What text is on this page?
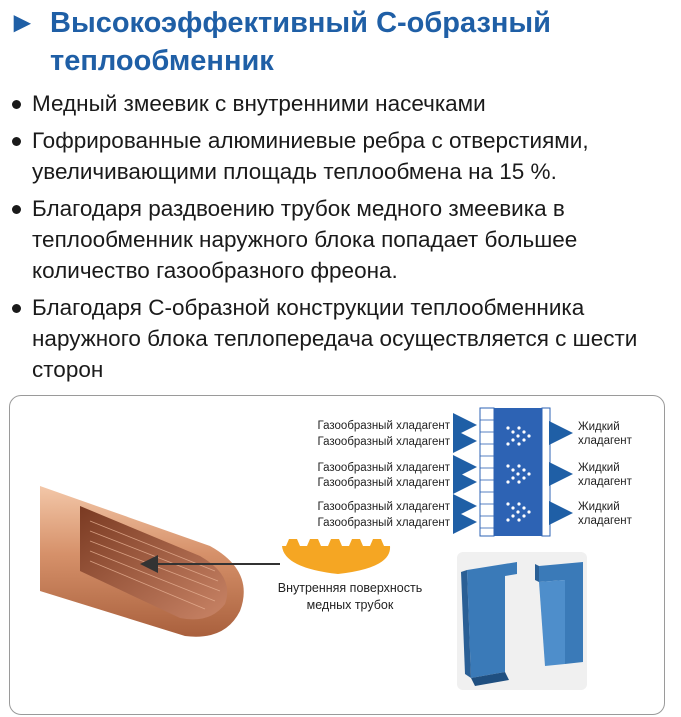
► Высокоэффективный С-образный
теплообменник
Медный змеевик с внутренними насечками
Гофрированные алюминиевые ребра с отверстиями, увеличивающими площадь теплообмена на 15 %.
Благодаря раздвоению трубок медного змеевика в теплообменник наружного блока попадает большее количество газообразного фреона.
Благодаря С-образной конструкции теплообменника наружного блока теплопередача осуществляется с шести сторон
Газообразный хладагент
Газообразный хладагент
Газообразный хладагент
Газообразный хладагент
Газообразный хладагент
Газообразный хладагент
Жидкий
хладагент
Жидкий
хладагент
Жидкий
хладагент
Внутренняя поверхность
медных трубок
